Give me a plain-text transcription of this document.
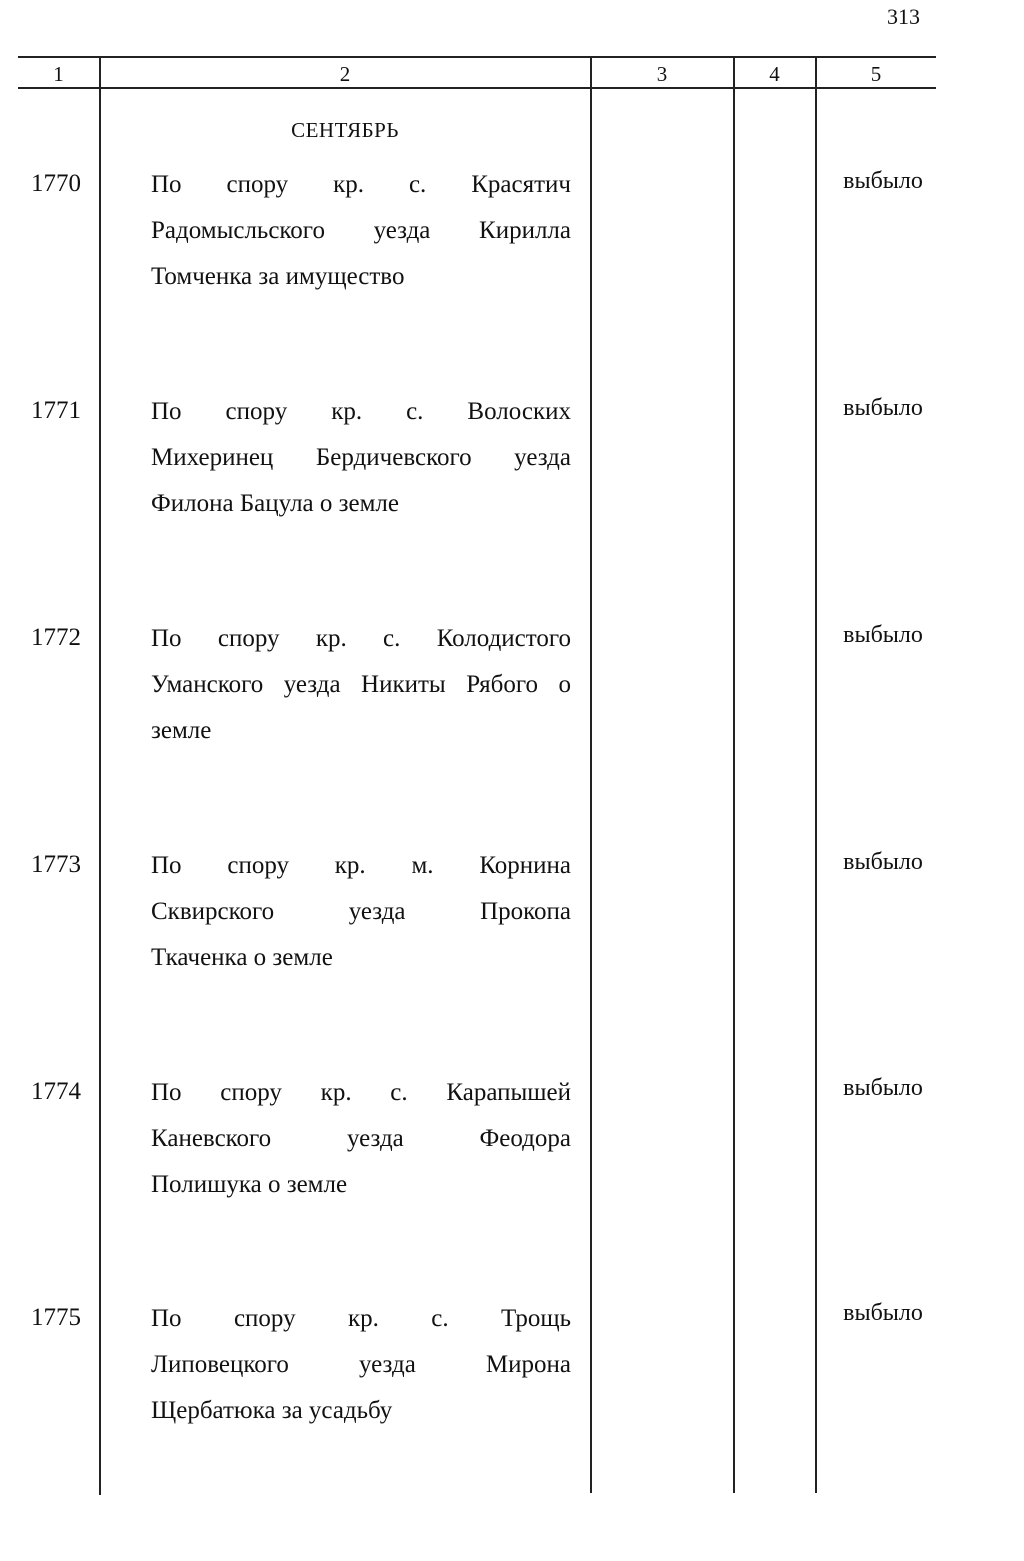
313
1	2	3	4	5
СЕНТЯБРЬ
1770	По спору кр. с. Красятич
Радомысльского уезда Кирилла
Томченка за имущество
выбыло
1771	По спору кр. с. Волоских
Михеринец Бердичевского уезда
Филона Бацула о земле
выбыло
1772	По спору кр. с. Колодистого
Уманского уезда Никиты Рябого о
земле
выбыло
1773	По спору кр. м. Корнина
Сквирского уезда Прокопа
Ткаченка о земле
выбыло
1774	По спору кр. с. Карапышей
Каневского уезда Феодора
Полишука о земле
выбыло
1775	По спору кр. с. Трощь
Липовецкого уезда Мирона
Щербатюка за усадьбу
выбыло
